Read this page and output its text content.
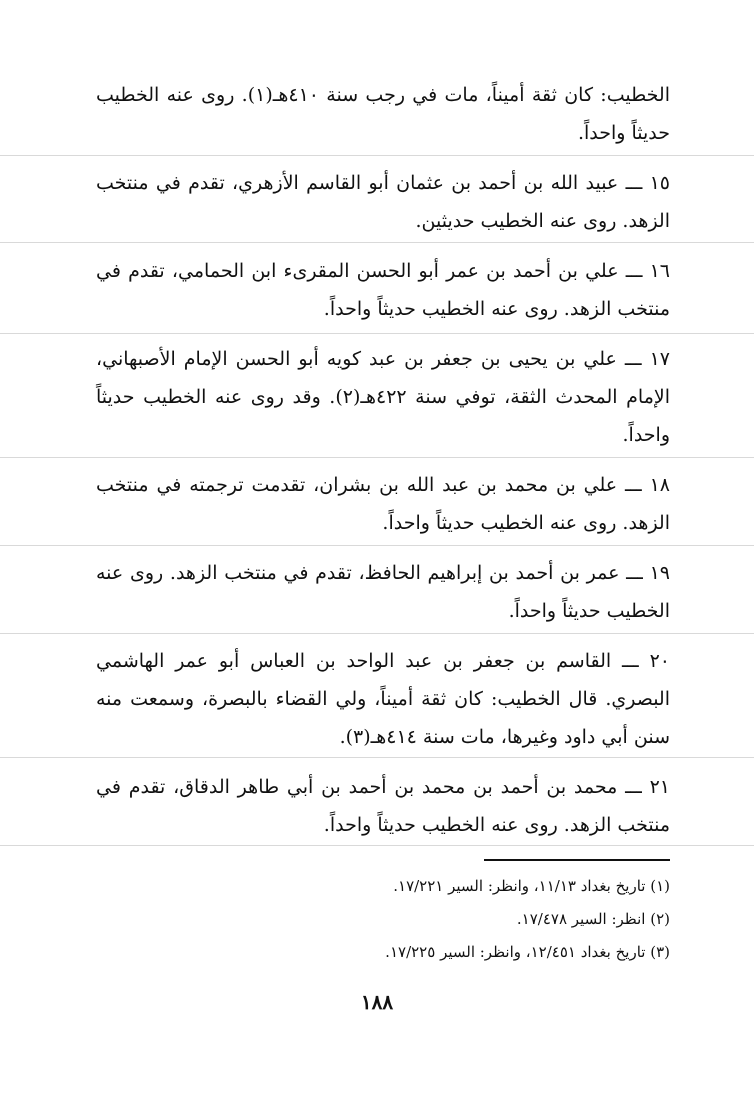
الخطيب: كان ثقة أميناً، مات في رجب سنة ٤١٠هـ(١). روى عنه الخطيب حديثاً واحداً.

١٥ ـــ عبيد الله بن أحمد بن عثمان أبو القاسم الأزهري، تقدم في منتخب الزهد. روى عنه الخطيب حديثين.

١٦ ـــ علي بن أحمد بن عمر أبو الحسن المقرىء ابن الحمامي، تقدم في منتخب الزهد. روى عنه الخطيب حديثاً واحداً.

١٧ ـــ علي بن يحيى بن جعفر بن عبد كويه أبو الحسن الإمام الأصبهاني، الإمام المحدث الثقة، توفي سنة ٤٢٢هـ(٢). وقد روى عنه الخطيب حديثاً واحداً.

١٨ ـــ علي بن محمد بن عبد الله بن بشران، تقدمت ترجمته في منتخب الزهد. روى عنه الخطيب حديثاً واحداً.

١٩ ـــ عمر بن أحمد بن إبراهيم الحافظ، تقدم في منتخب الزهد. روى عنه الخطيب حديثاً واحداً.

٢٠ ـــ القاسم بن جعفر بن عبد الواحد بن العباس أبو عمر الهاشمي البصري. قال الخطيب: كان ثقة أميناً، ولي القضاء بالبصرة، وسمعت منه سنن أبي داود وغيرها، مات سنة ٤١٤هـ(٣).

٢١ ـــ محمد بن أحمد بن محمد بن أحمد بن أبي طاهر الدقاق، تقدم في منتخب الزهد. روى عنه الخطيب حديثاً واحداً.

(١) تاريخ بغداد ١١/١٣، وانظر: السير ١٧/٢٢١.

(٢) انظر: السير ١٧/٤٧٨.

(٣) تاريخ بغداد ١٢/٤٥١، وانظر: السير ١٧/٢٢٥.

١٨٨
